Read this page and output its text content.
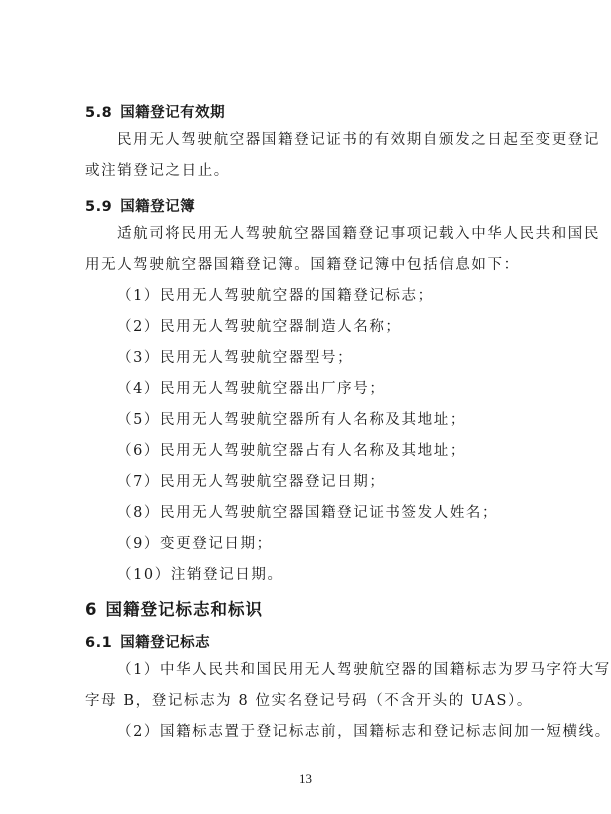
5.8 国籍登记有效期
民用无人驾驶航空器国籍登记证书的有效期自颁发之日起至变更登记
或注销登记之日止。
5.9 国籍登记簿
适航司将民用无人驾驶航空器国籍登记事项记载入中华人民共和国民
用无人驾驶航空器国籍登记簿。国籍登记簿中包括信息如下：
（1）民用无人驾驶航空器的国籍登记标志；
（2）民用无人驾驶航空器制造人名称；
（3）民用无人驾驶航空器型号；
（4）民用无人驾驶航空器出厂序号；
（5）民用无人驾驶航空器所有人名称及其地址；
（6）民用无人驾驶航空器占有人名称及其地址；
（7）民用无人驾驶航空器登记日期；
（8）民用无人驾驶航空器国籍登记证书签发人姓名；
（9）变更登记日期；
（10）注销登记日期。
6 国籍登记标志和标识
6.1 国籍登记标志
（1）中华人民共和国民用无人驾驶航空器的国籍标志为罗马字符大写
字母 B，登记标志为 8 位实名登记号码（不含开头的 UAS）。
（2）国籍标志置于登记标志前，国籍标志和登记标志间加一短横线。
13
